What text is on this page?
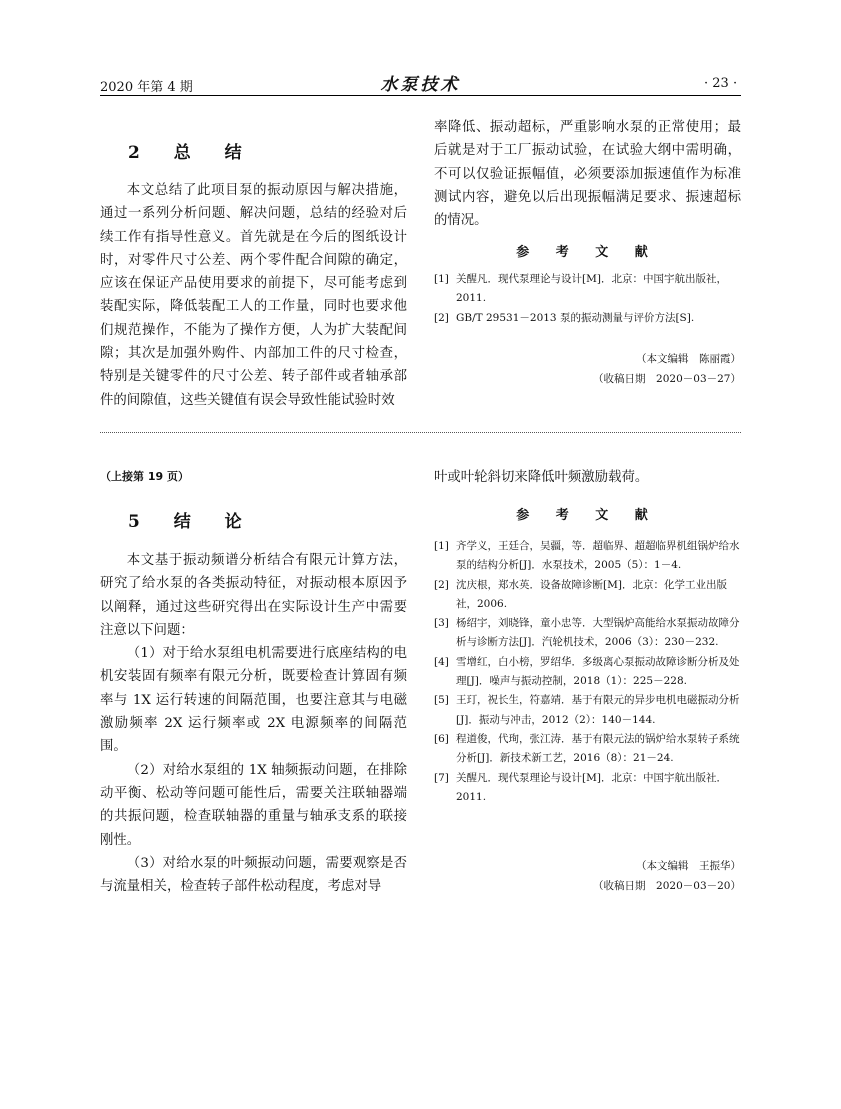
2020 年第 4 期	水泵技术	· 23 ·
2 总 结

本文总结了此项目泵的振动原因与解决措施，通过一系列分析问题、解决问题，总结的经验对后续工作有指导性意义。首先就是在今后的图纸设计时，对零件尺寸公差、两个零件配合间隙的确定，应该在保证产品使用要求的前提下，尽可能考虑到装配实际，降低装配工人的工作量，同时也要求他们规范操作，不能为了操作方便，人为扩大装配间隙；其次是加强外购件、内部加工件的尺寸检查，特别是关键零件的尺寸公差、转子部件或者轴承部件的间隙值，这些关键值有误会导致性能试验时效

率降低、振动超标，严重影响水泵的正常使用；最后就是对于工厂振动试验，在试验大纲中需明确，不可以仅验证振幅值，必须要添加振速值作为标准测试内容，避免以后出现振幅满足要求、振速超标的情况。

参 考 文 献
[1] 关醒凡．现代泵理论与设计[M]．北京：中国宇航出版社，2011.
[2] GB/T 29531－2013 泵的振动测量与评价方法[S].
（本文编辑　陈丽霞）
（收稿日期　2020－03－27）
（上接第 19 页）
5 结 论

本文基于振动频谱分析结合有限元计算方法，研究了给水泵的各类振动特征，对振动根本原因予以阐释，通过这些研究得出在实际设计生产中需要注意以下问题：

（1）对于给水泵组电机需要进行底座结构的电机安装固有频率有限元分析，既要检查计算固有频率与 1X 运行转速的间隔范围，也要注意其与电磁激励频率 2X 运行频率或 2X 电源频率的间隔范围。

（2）对给水泵组的 1X 轴频振动问题，在排除动平衡、松动等问题可能性后，需要关注联轴器端的共振问题，检查联轴器的重量与轴承支系的联接刚性。

（3）对给水泵的叶频振动问题，需要观察是否与流量相关，检查转子部件松动程度，考虑对导

叶或叶轮斜切来降低叶频激励载荷。

参 考 文 献
[1] 齐学义，王廷合，吴疆，等．超临界、超超临界机组锅炉给水泵的结构分析[J]．水泵技术，2005（5）：1－4.
[2] 沈庆根，郑水英．设备故障诊断[M]．北京：化学工业出版社，2006.
[3] 杨绍宇，刘晓锋，童小忠等．大型锅炉高能给水泵振动故障分析与诊断方法[J]．汽轮机技术，2006（3）：230－232.
[4] 雪增红，白小榜，罗绍华．多级离心泵振动故障诊断分析及处理[J]．噪声与振动控制，2018（1）：225－228.
[5] 王玎，祝长生，符嘉靖．基于有限元的异步电机电磁振动分析[J]．振动与冲击，2012（2）：140－144.
[6] 程道俊，代珣，张江涛．基于有限元法的锅炉给水泵转子系统分析[J]．新技术新工艺，2016（8）：21－24.
[7] 关醒凡．现代泵理论与设计[M]．北京：中国宇航出版社．2011.
（本文编辑　王振华）
（收稿日期　2020－03－20）
